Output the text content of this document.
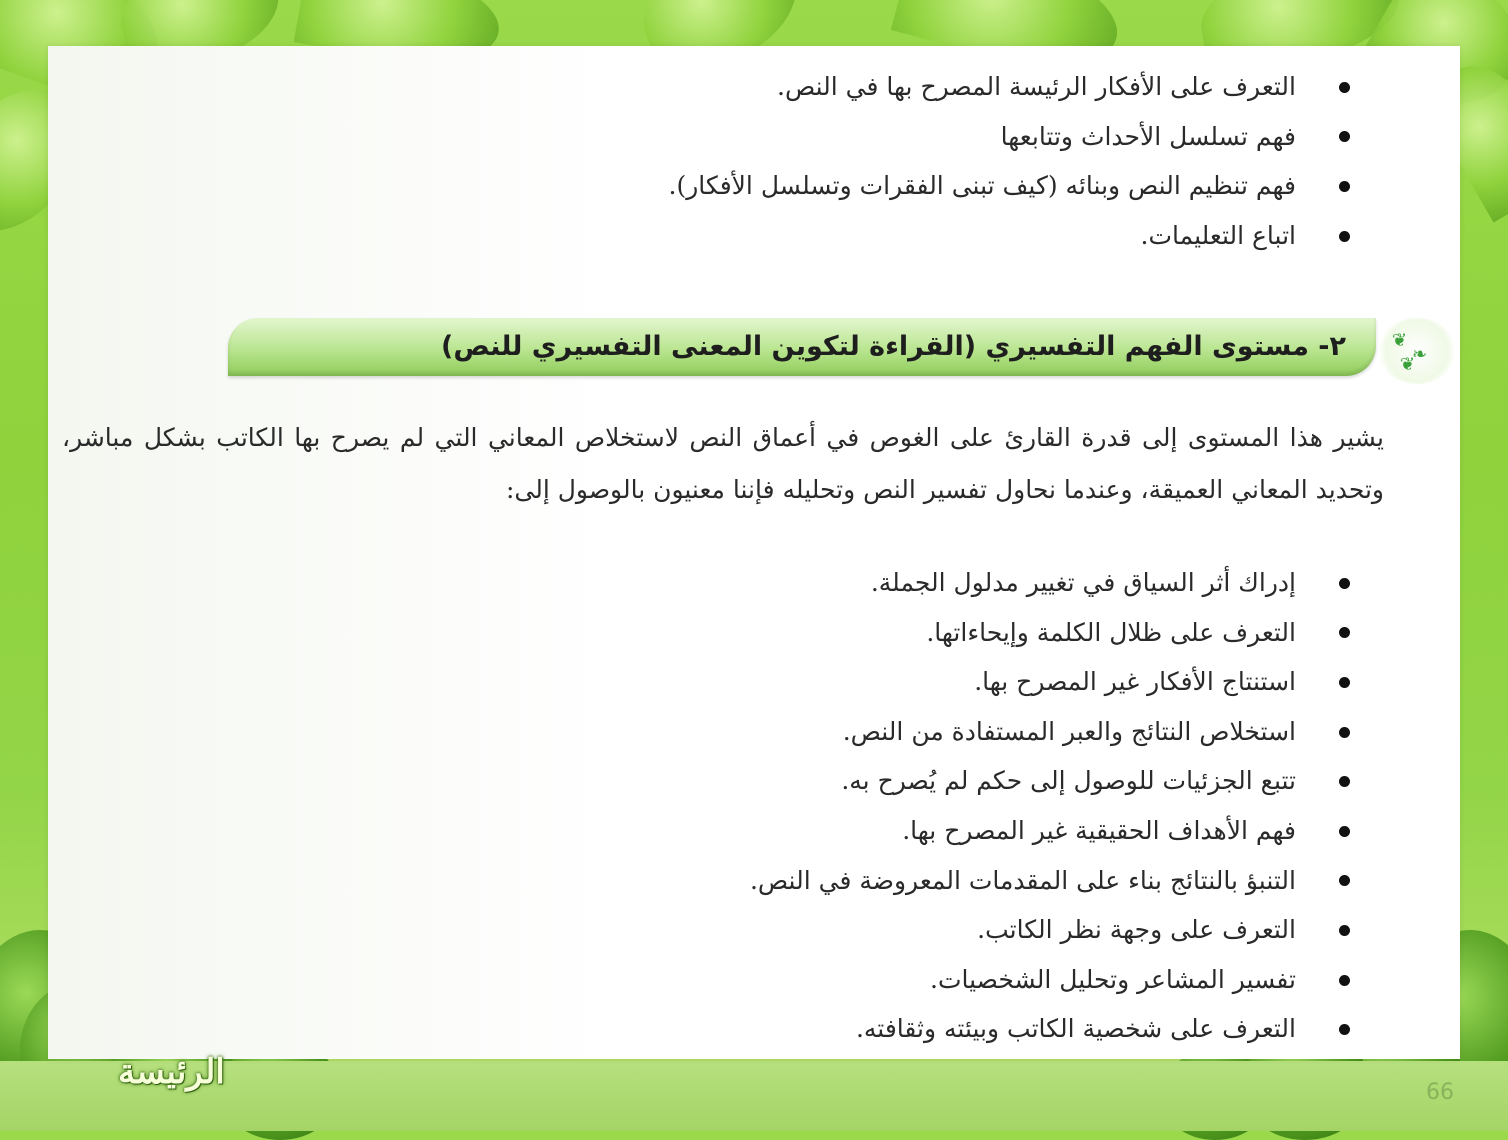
التعرف على الأفكار الرئيسة المصرح بها في النص.
فهم تسلسل الأحداث وتتابعها
فهم تنظيم النص وبنائه (كيف تبنى الفقرات وتسلسل الأفكار).
اتباع التعليمات.
٢- مستوى الفهم التفسيري (القراءة لتكوين المعنى التفسيري للنص)	❦
❧
❦
يشير هذا المستوى إلى قدرة القارئ على الغوص في أعماق النص لاستخلاص المعاني التي لم يصرح بها الكاتب بشكل مباشر، وتحديد المعاني العميقة، وعندما نحاول تفسير النص وتحليله فإننا معنيون بالوصول إلى:
إدراك أثر السياق في تغيير مدلول الجملة.
التعرف على ظلال الكلمة وإيحاءاتها.
استنتاج الأفكار غير المصرح بها.
استخلاص النتائج والعبر المستفادة من النص.
تتبع الجزئيات للوصول إلى حكم لم يُصرح به.
فهم الأهداف الحقيقية غير المصرح بها.
التنبؤ بالنتائج بناء على المقدمات المعروضة في النص.
التعرف على وجهة نظر الكاتب.
تفسير المشاعر وتحليل الشخصيات.
التعرف على شخصية الكاتب وبيئته وثقافته.
الرئيسة
66
